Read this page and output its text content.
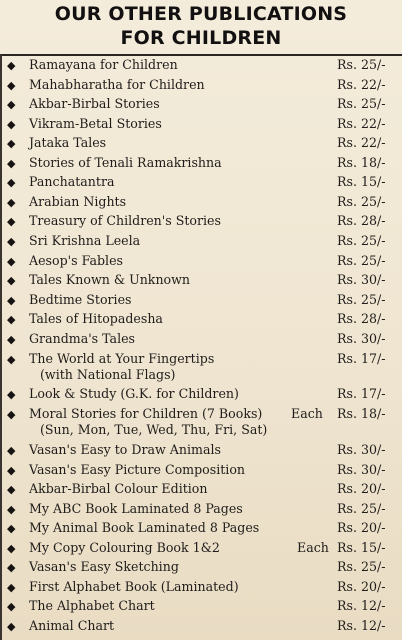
OUR OTHER PUBLICATIONS
FOR CHILDREN
◆ Ramayana for Children	Rs. 25/-
◆ Mahabharatha for Children	Rs. 22/-
◆ Akbar-Birbal Stories	Rs. 25/-
◆ Vikram-Betal Stories	Rs. 22/-
◆ Jataka Tales	Rs. 22/-
◆ Stories of Tenali Ramakrishna	Rs. 18/-
◆ Panchatantra	Rs. 15/-
◆ Arabian Nights	Rs. 25/-
◆ Treasury of Children's Stories	Rs. 28/-
◆ Sri Krishna Leela	Rs. 25/-
◆ Aesop's Fables	Rs. 25/-
◆ Tales Known & Unknown	Rs. 30/-
◆ Bedtime Stories	Rs. 25/-
◆ Tales of Hitopadesha	Rs. 28/-
◆ Grandma's Tales	Rs. 30/-
◆ The World at Your Fingertips	Rs. 17/-
(with National Flags)
◆ Look & Study (G.K. for Children)	Rs. 17/-
◆ Moral Stories for Children (7 Books) Each Rs. 18/-
(Sun, Mon, Tue, Wed, Thu, Fri, Sat)
◆ Vasan's Easy to Draw Animals	Rs. 30/-
◆ Vasan's Easy Picture Composition	Rs. 30/-
◆ Akbar-Birbal Colour Edition	Rs. 20/-
◆ My ABC Book Laminated 8 Pages	Rs. 25/-
◆ My Animal Book Laminated 8 Pages	Rs. 20/-
◆ My Copy Colouring Book 1&2	Each Rs. 15/-
◆ Vasan's Easy Sketching	Rs. 25/-
◆ First Alphabet Book (Laminated)	Rs. 20/-
◆ The Alphabet Chart	Rs. 12/-
◆ Animal Chart	Rs. 12/-
